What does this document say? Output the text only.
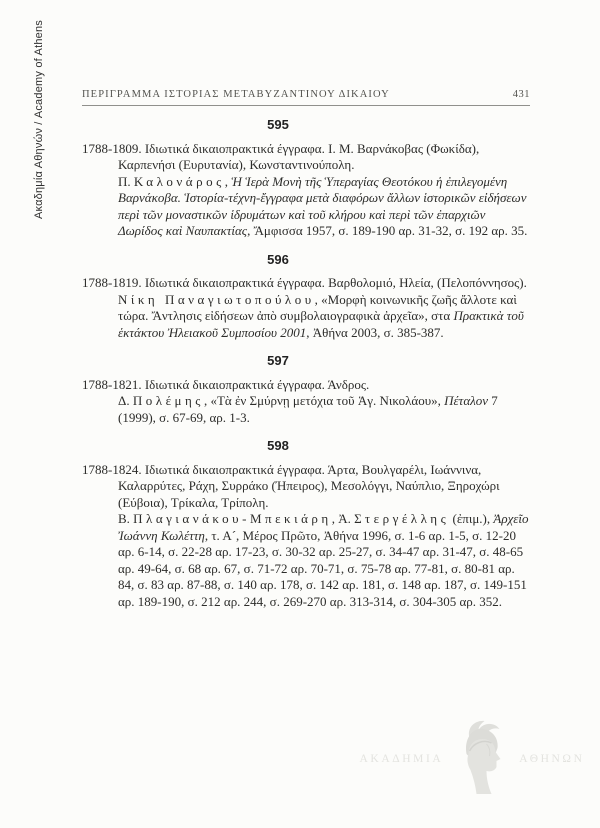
Ακαδημία Αθηνών / Academy of Athens	ΠΕΡΙΓΡΑΜΜΑ ΙΣΤΟΡΙΑΣ ΜΕΤΑΒΥΖΑΝΤΙΝΟΥ ΔΙΚΑΙΟΥ	431
595

1788-1809. Ιδιωτικά δικαιοπρακτικά έγγραφα. Ι. Μ. Βαρνάκοβας (Φωκίδα), Καρπενήσι (Ευρυτανία), Κωνσταντινούπολη.

Π. Καλονάρος, Ἡ Ἱερὰ Μονὴ τῆς Ὑπεραγίας Θεοτόκου ἡ ἐπιλεγομένη Βαρνάκοβα. Ἱστορία-τέχνη-ἔγγραφα μετὰ διαφόρων ἄλλων ἱστορικῶν εἰδήσεων περὶ τῶν μοναστικῶν ἱδρυμάτων καὶ τοῦ κλήρου καὶ περὶ τῶν ἐπαρχιῶν Δωρίδος καὶ Ναυπακτίας, Ἄμφισσα 1957, σ. 189-190 αρ. 31-32, σ. 192 αρ. 35.

596

1788-1819. Ιδιωτικά δικαιοπρακτικά έγγραφα. Βαρθολομιό, Ηλεία, (Πελοπόννησος).

Νίκη Παναγιωτοπούλου, «Μορφὴ κοινωνικῆς ζωῆς ἄλλοτε καὶ τώρα. Ἄντλησις εἰδήσεων ἀπὸ συμβολαιογραφικὰ ἀρχεῖα», στα Πρακτικὰ τοῦ ἑκτάκτου Ἠλειακοῦ Συμποσίου 2001, Ἀθήνα 2003, σ. 385-387.

597

1788-1821. Ιδιωτικά δικαιοπρακτικά έγγραφα. Άνδρος.

Δ. Πολέμης, «Τὰ ἐν Σμύρνῃ μετόχια τοῦ Ἁγ. Νικολάου», Πέταλον 7 (1999), σ. 67-69, αρ. 1-3.

598

1788-1824. Ιδιωτικά δικαιοπρακτικά έγγραφα. Άρτα, Βουλγαρέλι, Ιωάννινα, Καλαρρύτες, Ράχη, Συρράκο (Ήπειρος), Μεσολόγγι, Ναύπλιο, Ξηροχώρι (Εύβοια), Τρίκαλα, Τρίπολη.

Β. Πλαγιανάκου-Μπεκιάρη, Ἀ. Στεργέλλης (ἐπιμ.), Ἀρχεῖο Ἰωάννη Κωλέττη, τ. Α´, Μέρος Πρῶτο, Ἀθήνα 1996, σ. 1-6 αρ. 1-5, σ. 12-20 αρ. 6-14, σ. 22-28 αρ. 17-23, σ. 30-32 αρ. 25-27, σ. 34-47 αρ. 31-47, σ. 48-65 αρ. 49-64, σ. 68 αρ. 67, σ. 71-72 αρ. 70-71, σ. 75-78 αρ. 77-81, σ. 80-81 αρ. 84, σ. 83 αρ. 87-88, σ. 140 αρ. 178, σ. 142 αρ. 181, σ. 148 αρ. 187, σ. 149-151 αρ. 189-190, σ. 212 αρ. 244, σ. 269-270 αρ. 313-314, σ. 304-305 αρ. 352.

ΑΚΑΔΗΜΙΑ	ΑΘΗΝΩΝ
